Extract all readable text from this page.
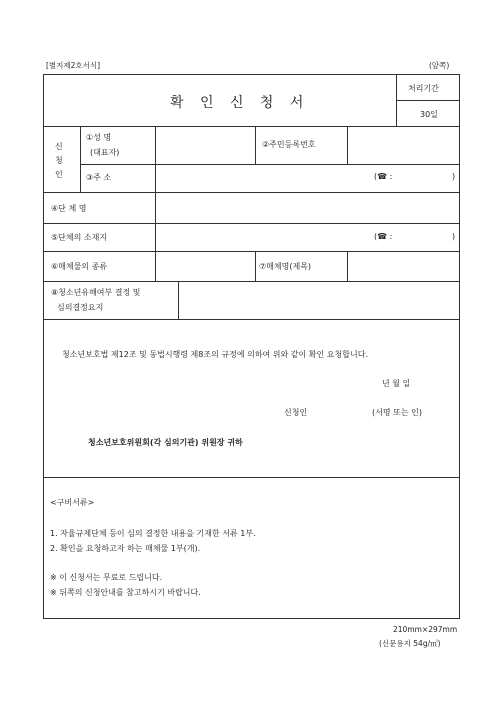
[별지제2호서식]	(앞쪽)
확 인 신 청 서
처리기간
30일
신
청
인
①성 명
(대표자)
②주민등록번호
③주 소	(☎ :	)
④단 체 명
⑤단체의 소재지	(☎ :	)
⑥매체물의 종류	⑦매체명(제목)
⑧청소년유해여부 결정 및
심의결정요지
청소년보호법 제12조 및 동법시행령 제8조의 규정에 의하여 위와 같이 확인 요청합니다.
년 월 일
신청인	(서명 또는 인)
청소년보호위원회(각 심의기관) 위원장 귀하
<구비서류>
1. 자율규제단체 등이 심의 결정한 내용을 기재한 서류 1부.
2. 확인을 요청하고자 하는 매체물 1부(개).
※ 이 신청서는 무료로 드립니다.
※ 뒤쪽의 신청안내를 참고하시기 바랍니다.
210mm×297mm
(신문용지 54g/㎡)
